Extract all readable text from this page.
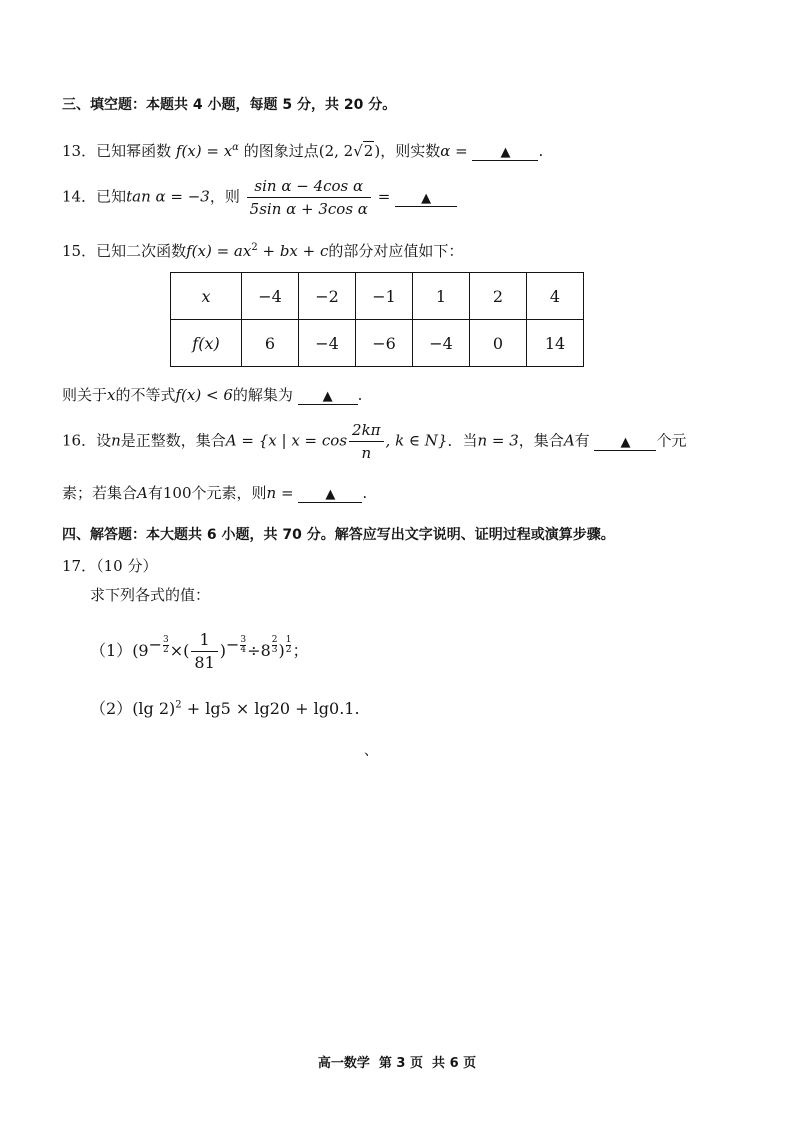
三、填空题：本题共 4 小题，每题 5 分，共 20 分。
13．已知幂函数 $f(x) = x^\alpha$ 的图象过点(2, 2√2)，则实数α =	▲ .
14．已知tan α = −3，则 $\frac{\text{sin α − 4cos α}}{\text{5sin α + 3cos α}}$ = ▲
15．已知二次函数$f(x) = ax^2$ + bx + c的部分对应值如下：
x	−4	−2	−1	1	2	4
f(x)	6	−4	−6	−4	0	14
则关于x的不等式f(x) < 6的解集为 ▲ .
16．设n是正整数，集合A = {x | $x = \cos \frac{2k\pi}{n}$ , k ∈ N}．当n = 3，集合A有 ▲ 个元
素；若集合A有100个元素，则n = ▲ .
四、解答题：本大题共 6 小题，共 70 分。解答应写出文字说明、证明过程或演算步骤。
17．（10 分）
求下列各式的值：
$(1)(9- \frac{3}{2}$ ×( $\frac{1}{81}$ )− $\frac{3}{4} \div 8 \frac{2}{3}$ ) $\frac{1}{2}$ ；
（2）(lg 2)$^2$ + lg5 × lg20 + lg0.1.
、
高一数学  第 3 页  共 6 页
